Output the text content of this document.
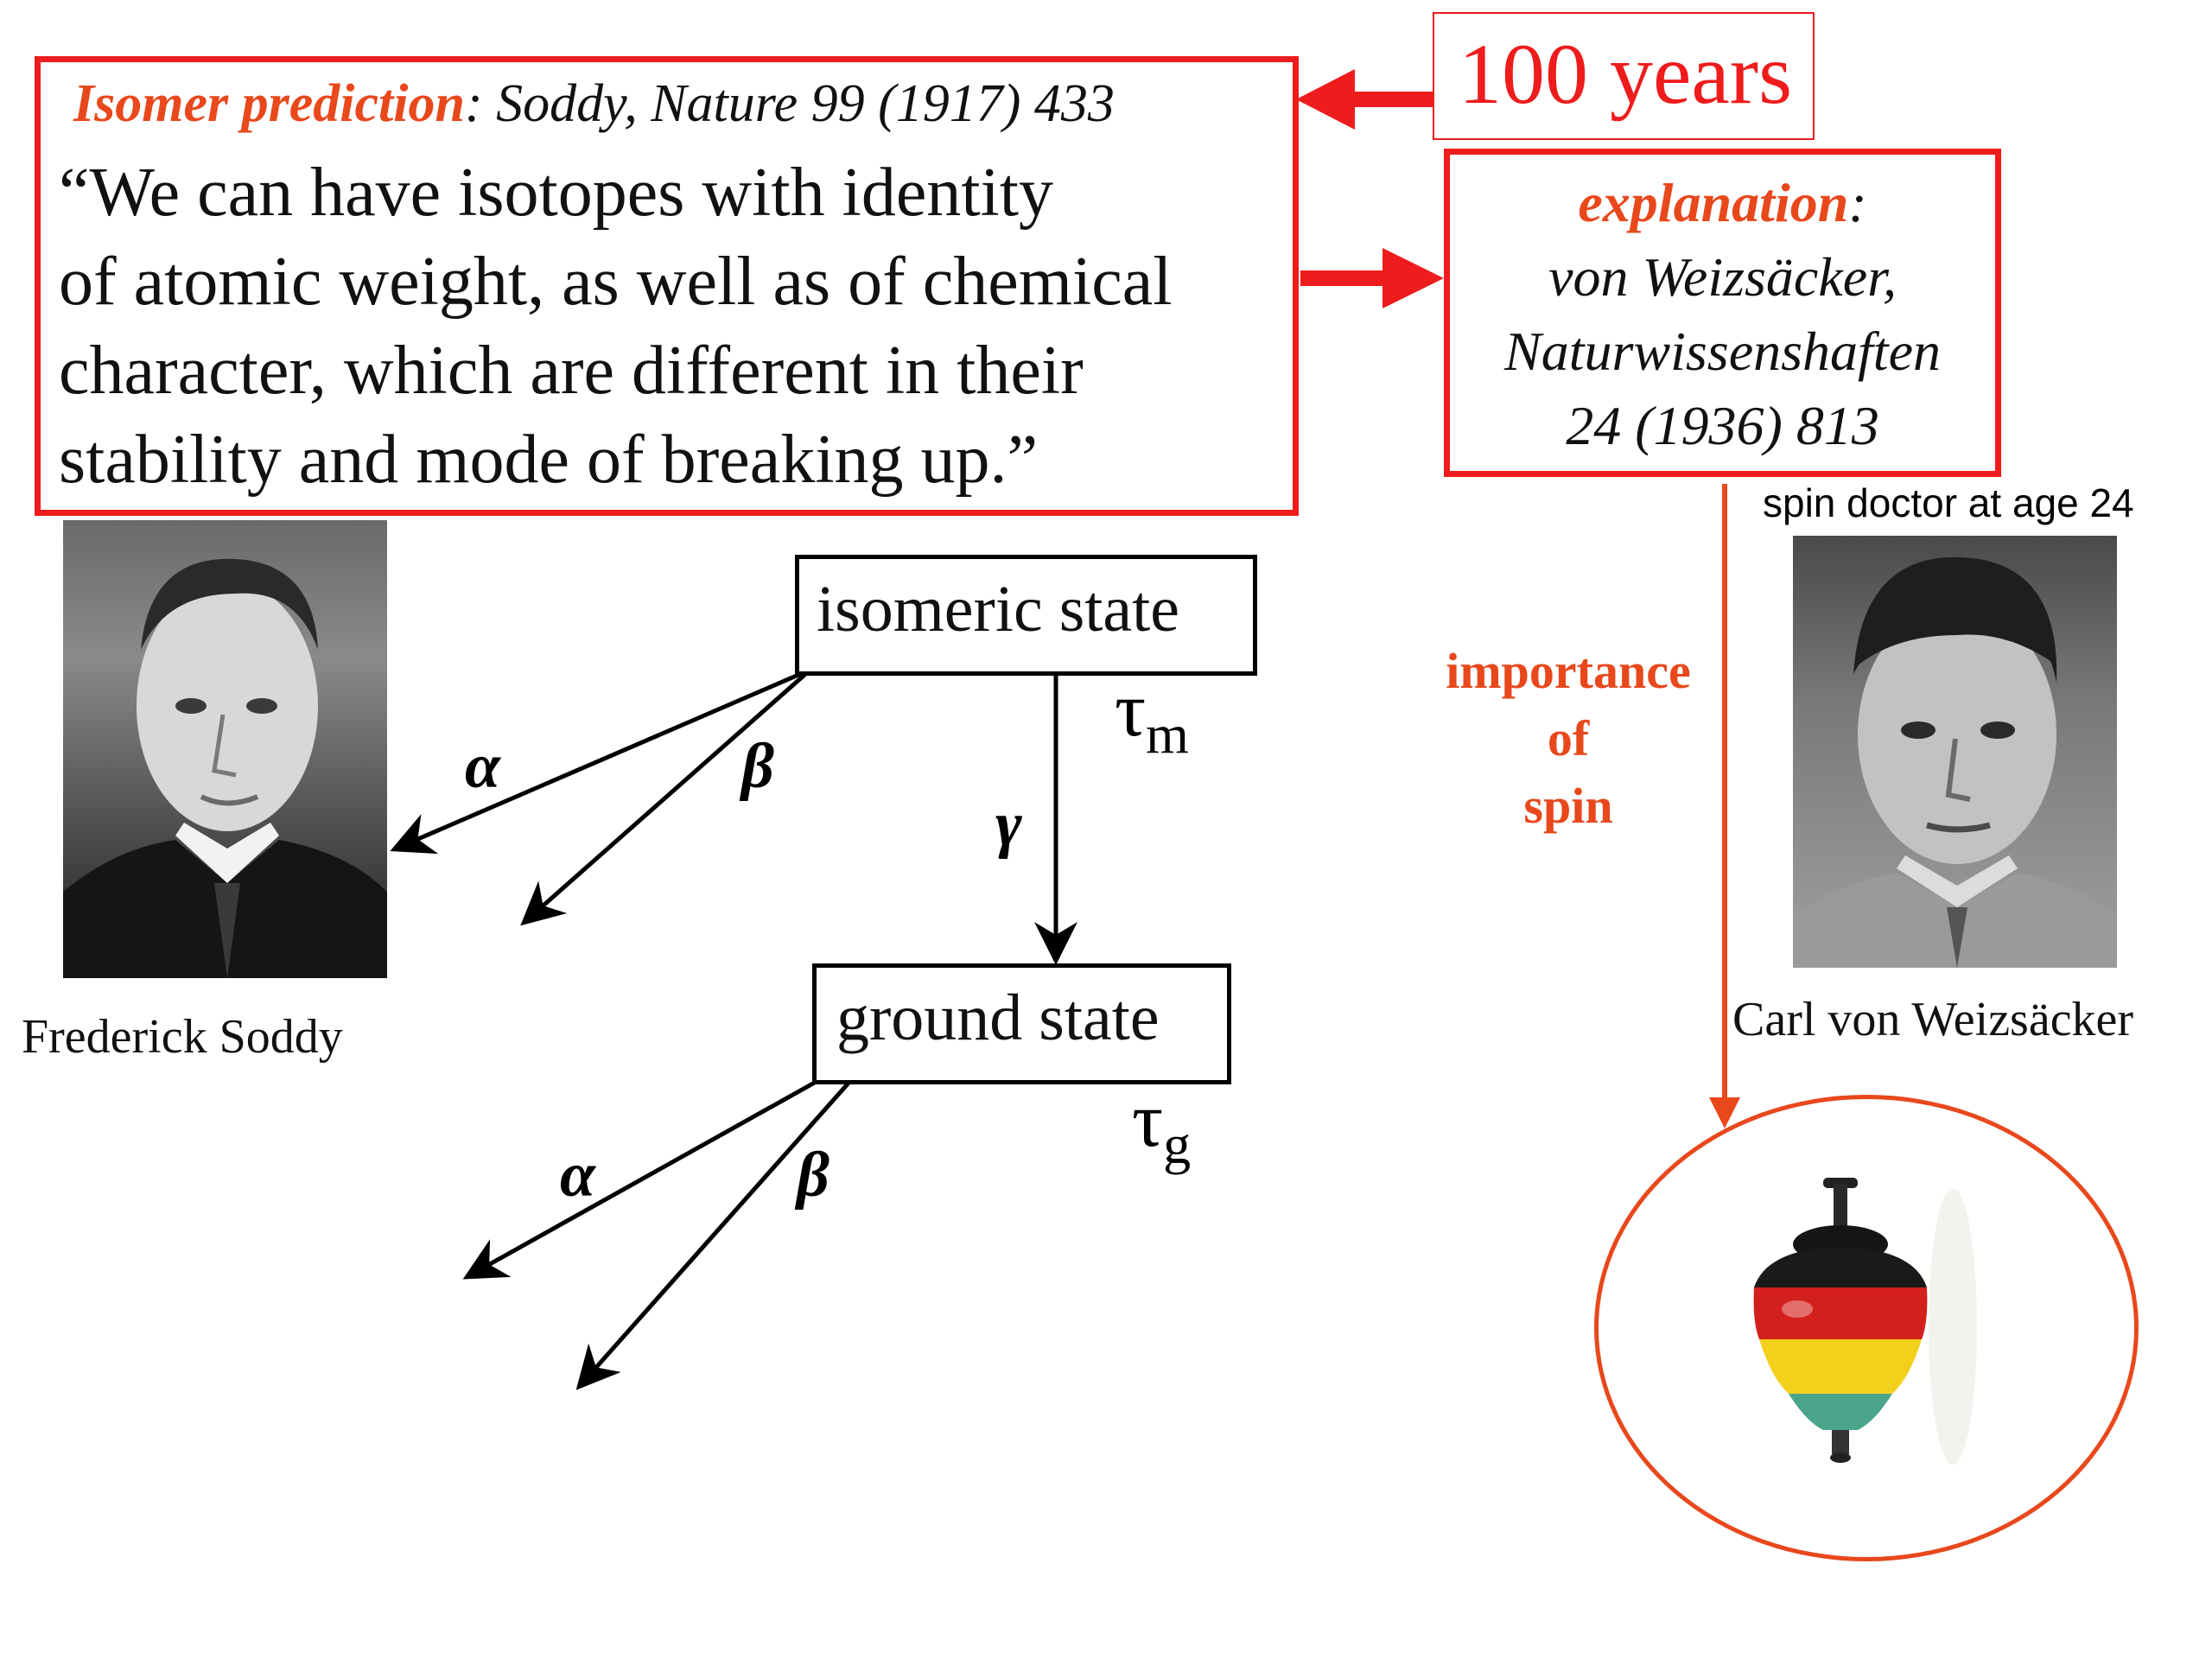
Isomer prediction: Soddy, Nature 99 (1917) 433
“We can have isotopes with identity
of atomic weight, as well as of chemical
character, which are different in their
stability and mode of breaking up.”
100 years
explanation:
von Weizsäcker,
Naturwissenshaften
24 (1936) 813
Frederick Soddy
isomeric state
ground state
α	β
γ
α	β
$\tau_m$
$\tau_g$
importance
of
spin
spin doctor at age 24
Carl von Weizsäcker
